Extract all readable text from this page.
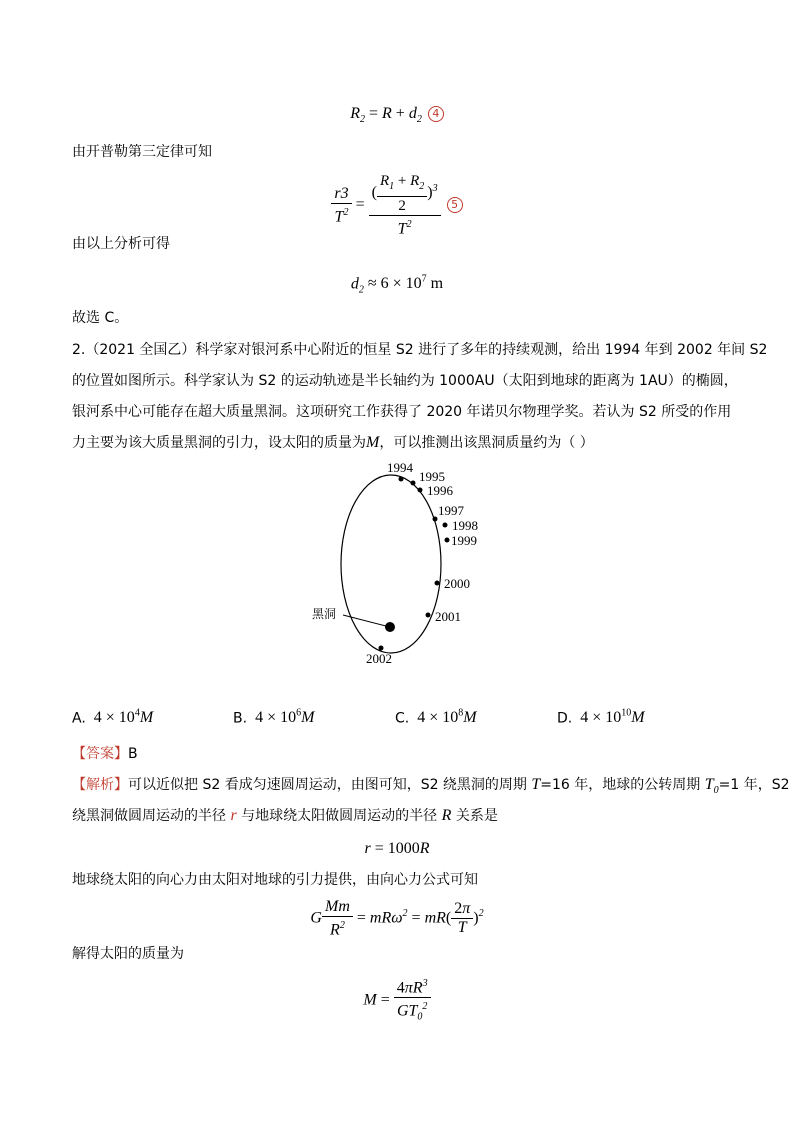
$R_2 = R + d_2$ 4
由开普勒第三定律可知
$\frac{r3}{T^2} = \frac{( \frac{R_1 + R_2}{2} )^3}{T^2} 5$
由以上分析可得
$d_2 \approx 6 \times 10^7$ m
故选 C。
2.（2021 全国乙）科学家对银河系中心附近的恒星 S2 进行了多年的持续观测，给出 1994 年到 2002 年间 S2
的位置如图所示。科学家认为 S2 的运动轨迹是半长轴约为 1000AU（太阳到地球的距离为 1AU）的椭圆，
银河系中心可能存在超大质量黑洞。这项研究工作获得了 2020 年诺贝尔物理学奖。若认为 S2 所受的作用
力主要为该大质量黑洞的引力，设太阳的质量为M，可以推测出该黑洞质量约为（ ）
黑洞
1994
1995
1996
1997
1998
1999
2000
2001
2002
A. $4 \times 10^4M$	B. $4 \times 10^6M$	C. $4 \times 10^8M$	D. $4 \times 10^{10}M$
【答案】B
【解析】可以近似把 S2 看成匀速圆周运动，由图可知，S2 绕黑洞的周期 T=16 年，地球的公转周期 $T_0=1$ 年，S2
绕黑洞做圆周运动的半径 r 与地球绕太阳做圆周运动的半径 R 关系是
r = 1000R
地球绕太阳的向心力由太阳对地球的引力提供，由向心力公式可知
G $\frac{Mm}{R^2} = mR\omega^2 = mR( \frac{2\pi}{T} )^2$
解得太阳的质量为
$M = \frac{4\pi R^3}{GT_0^2}$
